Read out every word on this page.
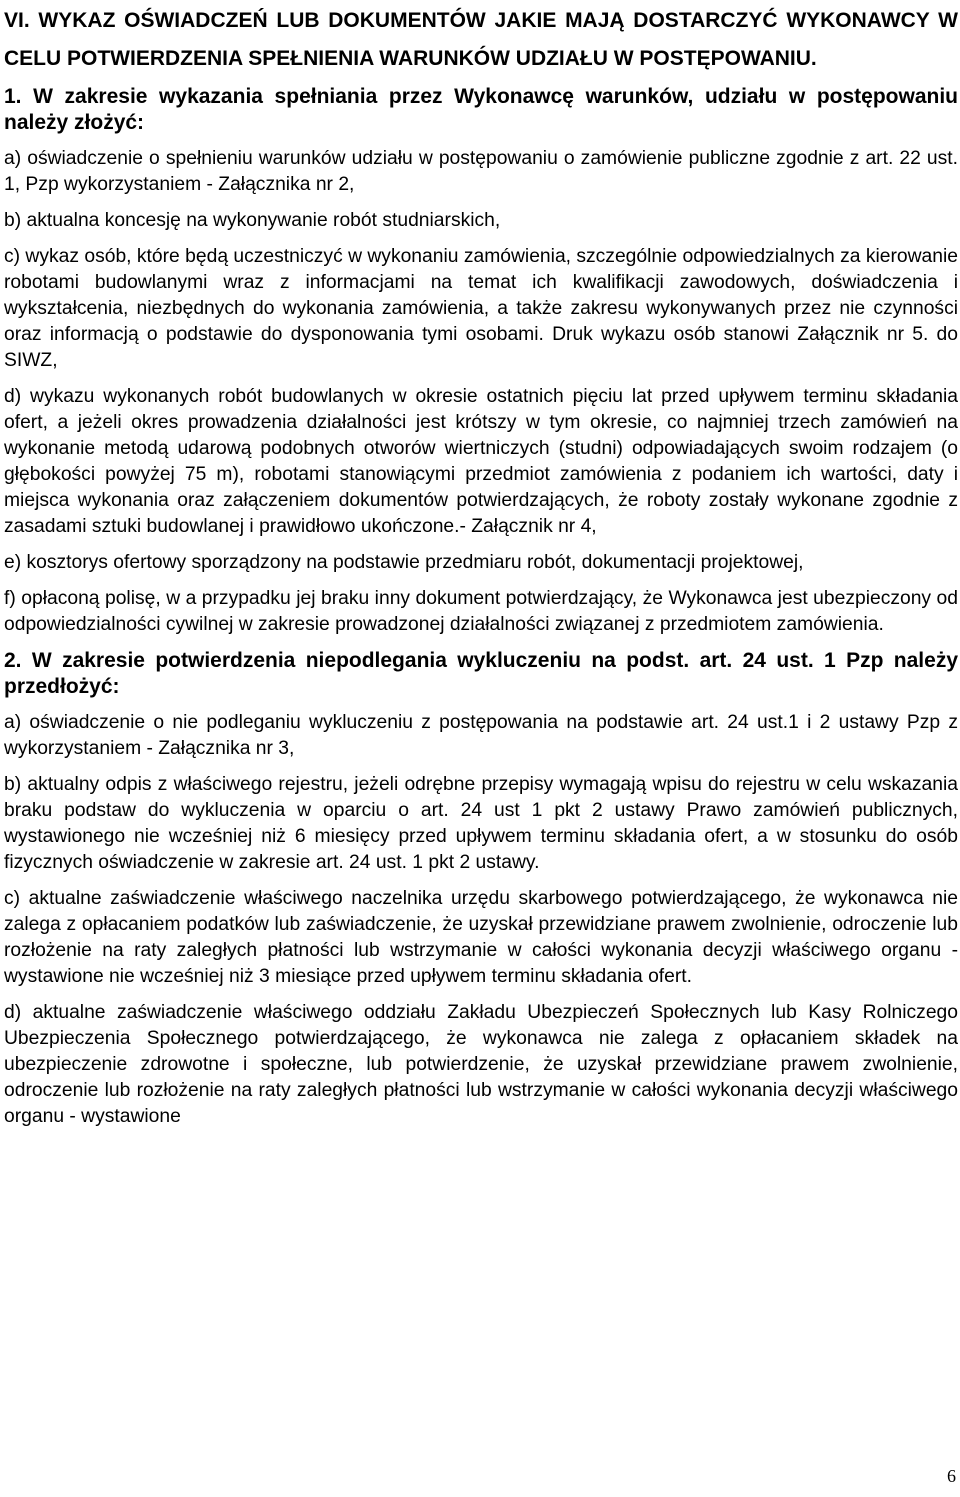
VI. WYKAZ OŚWIADCZEŃ LUB DOKUMENTÓW JAKIE MAJĄ DOSTARCZYĆ WYKONAWCY W CELU POTWIERDZENIA SPEŁNIENIA WARUNKÓW UDZIAŁU W POSTĘPOWANIU.
1. W zakresie wykazania spełniania przez Wykonawcę warunków, udziału w postępowaniu należy złożyć:
a) oświadczenie o spełnieniu warunków udziału w postępowaniu o zamówienie publiczne zgodnie z art. 22 ust. 1, Pzp wykorzystaniem - Załącznika nr 2,
b) aktualna koncesję na wykonywanie robót studniarskich,
c) wykaz osób, które będą uczestniczyć w wykonaniu zamówienia, szczególnie odpowiedzialnych za kierowanie robotami budowlanymi wraz z informacjami na temat ich kwalifikacji zawodowych, doświadczenia i wykształcenia, niezbędnych do wykonania zamówienia, a także zakresu wykonywanych przez nie czynności oraz informacją o podstawie do dysponowania tymi osobami. Druk wykazu osób stanowi Załącznik nr 5. do SIWZ,
d) wykazu wykonanych robót budowlanych w okresie ostatnich pięciu lat przed upływem terminu składania ofert, a jeżeli okres prowadzenia działalności jest krótszy w tym okresie, co najmniej trzech zamówień na wykonanie metodą udarową podobnych otworów wiertniczych (studni) odpowiadających swoim rodzajem (o głębokości powyżej 75 m), robotami stanowiącymi przedmiot zamówienia z podaniem ich wartości, daty i miejsca wykonania oraz załączeniem dokumentów potwierdzających, że roboty zostały wykonane zgodnie z zasadami sztuki budowlanej i prawidłowo ukończone.- Załącznik nr 4,
e) kosztorys ofertowy sporządzony na podstawie przedmiaru robót, dokumentacji projektowej,
f) opłaconą polisę, w a przypadku jej braku inny dokument potwierdzający, że Wykonawca jest ubezpieczony od odpowiedzialności cywilnej w zakresie prowadzonej działalności związanej z przedmiotem zamówienia.
2. W zakresie potwierdzenia niepodlegania wykluczeniu na podst. art. 24 ust. 1 Pzp należy przedłożyć:
a) oświadczenie o nie podleganiu wykluczeniu z postępowania na podstawie art. 24 ust.1 i 2 ustawy Pzp z wykorzystaniem - Załącznika nr 3,
b) aktualny odpis z właściwego rejestru, jeżeli odrębne przepisy wymagają wpisu do rejestru w celu wskazania braku podstaw do wykluczenia w oparciu o art. 24 ust 1 pkt 2 ustawy Prawo zamówień publicznych, wystawionego nie wcześniej niż 6 miesięcy przed upływem terminu składania ofert, a w stosunku do osób fizycznych oświadczenie w zakresie art. 24 ust. 1 pkt 2 ustawy.
c) aktualne zaświadczenie właściwego naczelnika urzędu skarbowego potwierdzającego, że wykonawca nie zalega z opłacaniem podatków lub zaświadczenie, że uzyskał przewidziane prawem zwolnienie, odroczenie lub rozłożenie na raty zaległych płatności lub wstrzymanie w całości wykonania decyzji właściwego organu - wystawione nie wcześniej niż 3 miesiące przed upływem terminu składania ofert.
d) aktualne zaświadczenie właściwego oddziału Zakładu Ubezpieczeń Społecznych lub Kasy Rolniczego Ubezpieczenia Społecznego potwierdzającego, że wykonawca nie zalega z opłacaniem składek na ubezpieczenie zdrowotne i społeczne, lub potwierdzenie, że uzyskał przewidziane prawem zwolnienie, odroczenie lub rozłożenie na raty zaległych płatności lub wstrzymanie w całości wykonania decyzji właściwego organu - wystawione
6
